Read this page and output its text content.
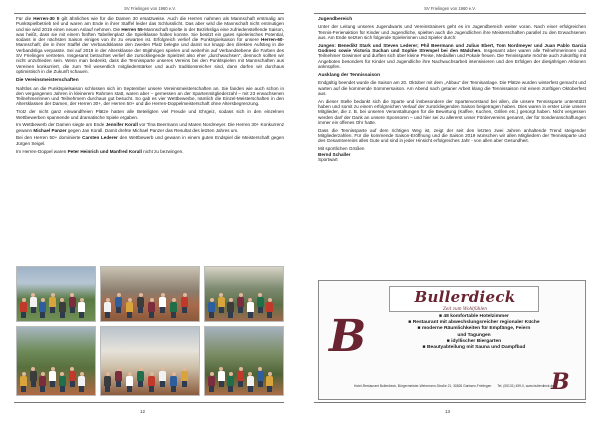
SV Frielingen von 1960 e.V.
Für die Herren-30 II gilt ähnliches wie für die Damen 30 ersatzweise. Auch die Herren nahmen als Mannschaft erstmalig am Punktspielbetrieb teil und waren am Ende in ihrer Staffel leider das Schlusslicht. Das aber wird die Mannschaft nicht entmutigen und sie wird 2019 einen neuen Anlauf nehmen. Die Herren 55-Mannschaft spielte in der Bezirksliga eine zufriedenstellende Saison, was heißt, dass sie mit einem fünften Tabellenplatz die Spielklasse halten konnte. Sie besitzt ein gutes spielerisches Potential, sodass in der nächsten Saison einiges von ihr zu erwarten ist. Erfolgreich verlief die Punktspielsaison für unsere Herren-60-Mannschaft; die in ihrer Staffel der Verbandsklasse den zweiten Platz belegte und damit nur knapp den direkten Aufstieg in die Verbandsliga verpasste. Sei auf 2019 in der Altersklasse der 65jährigen spielen und weiterhin auf Verbandsebene die Farben des SV Frielingen vertreten. Insgesamt betrachtet verlief die zurückliegende Spielzeit also eher „durchwachsen“, dennoch sollten wir nicht unzufrieden sein. Wenn man bedenkt, dass die Tennissparte unseres Vereins bei den Punktspielen mit Mannschaften aus Vereinen konkurriert, die zum Teil wesentlich mitgliederstärker und auch traditionsreicher sind, dann dürfen wir durchaus optimistisch in die Zukunft schauen.
Die Vereinsmeisterschaften
Nahtlos an die Punktspielsaison schlossen sich im September unsere Vereinsmeisterschaften an. Sie fanden wie auch schon in den vergangenen Jahren in kleinerem Rahmen statt, waren aber – gemessen an der Spartenmitgliederzahl – mit 23 erwachsenen Teilnehmerinnen und Teilnehmern durchaus gut besucht. So gab es vier Wettbewerbe, nämlich die Einzel-Meisterschaften in den Altersklassen der Damen, der Herren 30+, der Herren 50+ und die Herren-Doppelmeisterschaft ohne Altersbegrenzung.
Trotz der nicht ganz einwandfreien Plätze hatten alle Beteiligten viel Freude und Ehrgeiz, sodass sich in den einzelnen Wettbewerben spannende und dramatische Spiele ergaben.
Im Wettbewerb der Damen siegte am Ende Jennifer Korall vor Tina Beermann und Maren Nordmeyer. Die Herren 30+ Konkurrenz gewann Michael Panzer gegen Jan Korall. Damit drehte Michael Panzer das Resultat des letzten Jahres um.
Bei den Herren 50+ dominierte Carsten Lederer den Wettbewerb und gewann in einem guten Endspiel die Meisterschaft gegen Jürgen Seigel.
Im Herren-Doppel waren Peter Heinrich und Manfred Korall nicht zu bezwingen.
12
SV Frielingen von 1960 e.V.
Jugendbereich
Unter der Leitung unseres Jugendwarts und Vereinstrainers geht es im Jugendbereich weiter voran. Nach einer erfolgreichen Tennis-Ferienaktion für Kinder und Jugendliche, spielten auch die Jugendlichen ihre Meisterschaften parallel zu den Erwachsenen aus. Am Ende setzten sich folgende Spielerinnen und Spieler durch:
Jungen: Benedikt Stark und Steven Lederer; Phil Beermann und Julius Ebert, Tom Nordmeyer und Juan Pablo Garcia Godinez sowie Victoria Suchan und Sophie Strempel bei den Mädchen. Insgesamt aber waren alle Teilnehmerinnen und Teilnehmer Gewinner und durften sich über kleine Preise, Medaillen und Pokale freuen. Die Tennissparte möchte auch zukünftig mit Angeboten besonders für Kinder und Jugendliche ihre Nachwuchsarbeit intensivieren und den Erfolgen der diesjährigen Aktionen anknüpfen.
Ausklang der Tennissaison
Endgültig beendet wurde die Saison am 20. Oktober mit dem „Abbau“ der Tennisanlage. Die Plätze wurden winterfest gemacht und warten auf die kommende Sommersaison. Am Abend nach getaner Arbeit klang die Tennissaison mit einem zünftigen Oktoberfest aus.
An dieser Stelle bedankt sich die Sparte und insbesondere der Spartenvorstand bei allen, die unsere Tennissparte unterstützt haben und somit zu einem erfolgreichen Verlauf der zurückliegenden Saison beigetragen haben. Dies waren in erster Linie unsere Mitglieder, die z. B. bei unseren Veranstaltungen für die Bewirtung (Kaffee, Kuchen, Grillen etc.) gesorgt haben. Nicht vergessen werden darf der Dank an unsere Sponsoren – und hier sei zu allererst unser Fördervereins genannt, der für Sonderanschaffungen immer ein offenes Ohr hatte.
Dass die Tennissparte auf dem richtigen Weg ist, zeigt der seit den letzten zwei Jahren anhaltende Trend steigender Mitgliederzahlen. Für die kommende Saison-Eröffnung und die Saison 2019 wünschen wir allen Mitgliedern der Tennissparte und des Gesamtvereins alles Gute und sind in jeder Hinsicht erfolgreiches Jahr - von allen aber Gesundheit.
Mit sportlichen Grüßen
Bernd Schaller
Sportwart
Bullerdieck
Zeit zum Wohlfühlen
B
B
■ 48 komfortable Hotelzimmer
■ Restaurant mit abwechslungsreicher regionaler Küche
■ moderne Räumlichkeiten für Empfänge, Feiern
und Tagungen
■ idyllischer Biergarten
■ Beautyabteilung mit Sauna und Dampfbad
Hotel-Restaurant Bullerdieck, Bürgermeister-Wehrmann-Straße 21, 30826 Garbsen-Frielingen Tel. (05131) 459-0, www.bullerdieck.de
13
